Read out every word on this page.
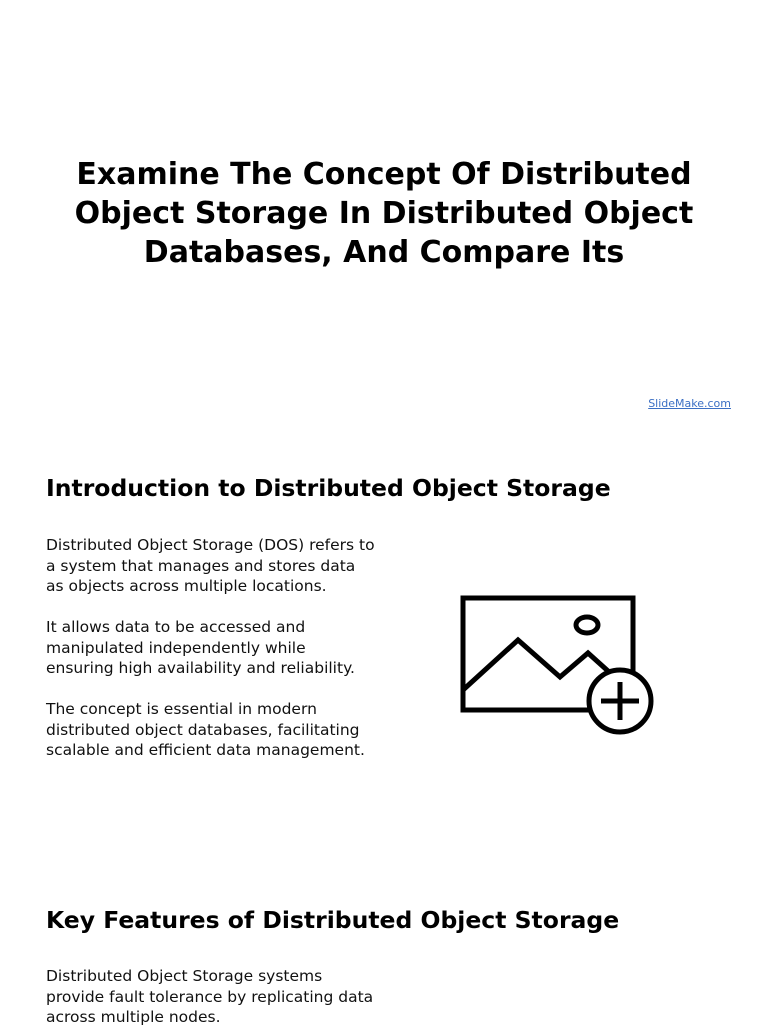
Examine The Concept Of Distributed Object Storage In Distributed Object Databases, And Compare Its
SlideMake.com
Introduction to Distributed Object Storage

Distributed Object Storage (DOS) refers to a system that manages and stores data as objects across multiple locations.

It allows data to be accessed and manipulated independently while ensuring high availability and reliability.

The concept is essential in modern distributed object databases, facilitating scalable and efficient data management.

Key Features of Distributed Object Storage

Distributed Object Storage systems provide fault tolerance by replicating data across multiple nodes.
